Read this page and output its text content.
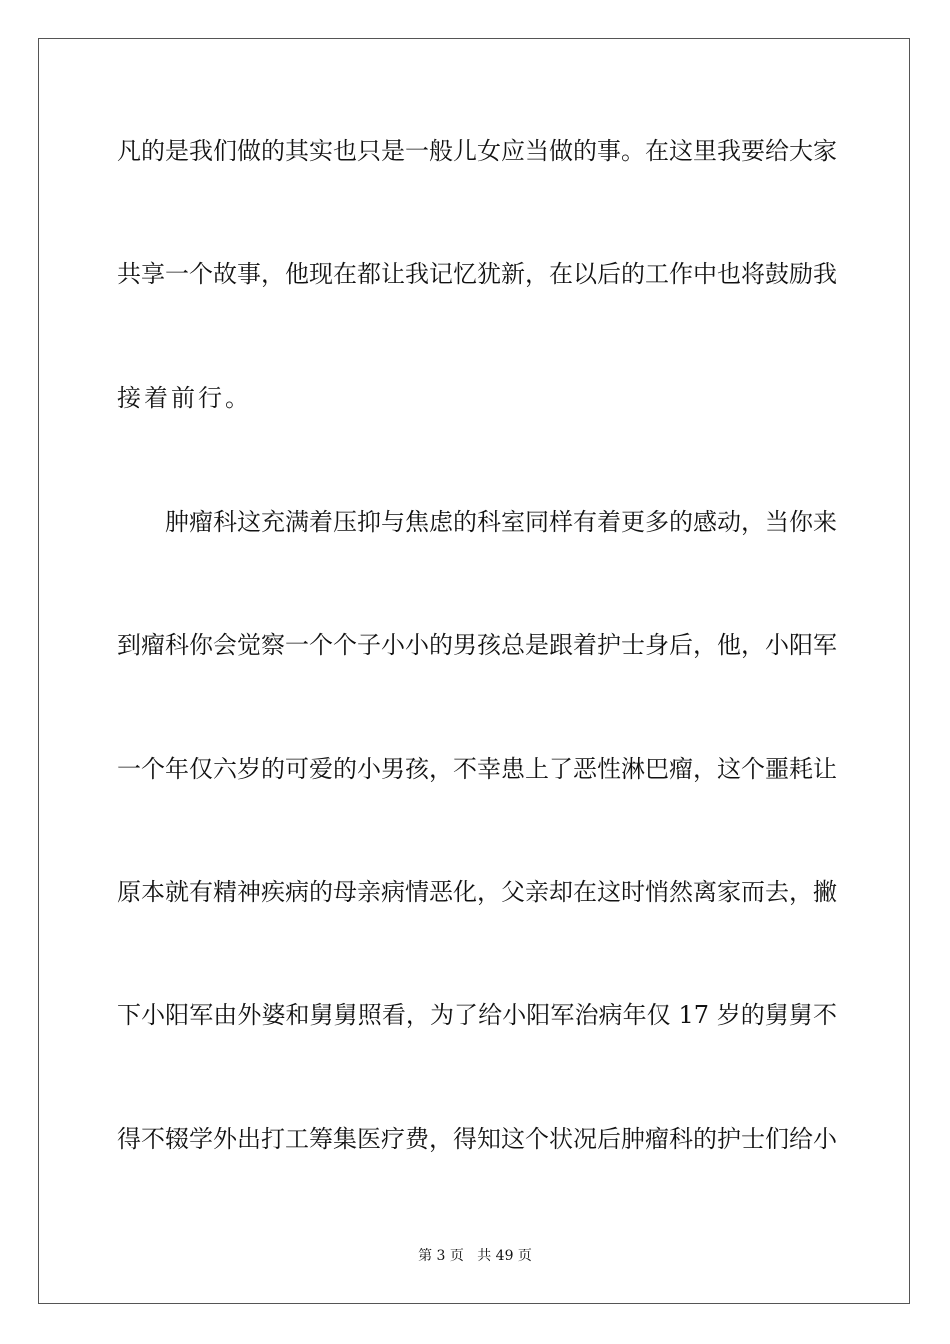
凡的是我们做的其实也只是一般儿女应当做的事。在这里我要给大家
共享一个故事，他现在都让我记忆犹新，在以后的工作中也将鼓励我
接着前行。
肿瘤科这充满着压抑与焦虑的科室同样有着更多的感动，当你来
到瘤科你会觉察一个个子小小的男孩总是跟着护士身后，他，小阳军
一个年仅六岁的可爱的小男孩，不幸患上了恶性淋巴瘤，这个噩耗让
原本就有精神疾病的母亲病情恶化，父亲却在这时悄然离家而去，撇
下小阳军由外婆和舅舅照看，为了给小阳军治病年仅 17 岁的舅舅不
得不辍学外出打工筹集医疗费，得知这个状况后肿瘤科的护士们给小
第 3 页   共 49 页
